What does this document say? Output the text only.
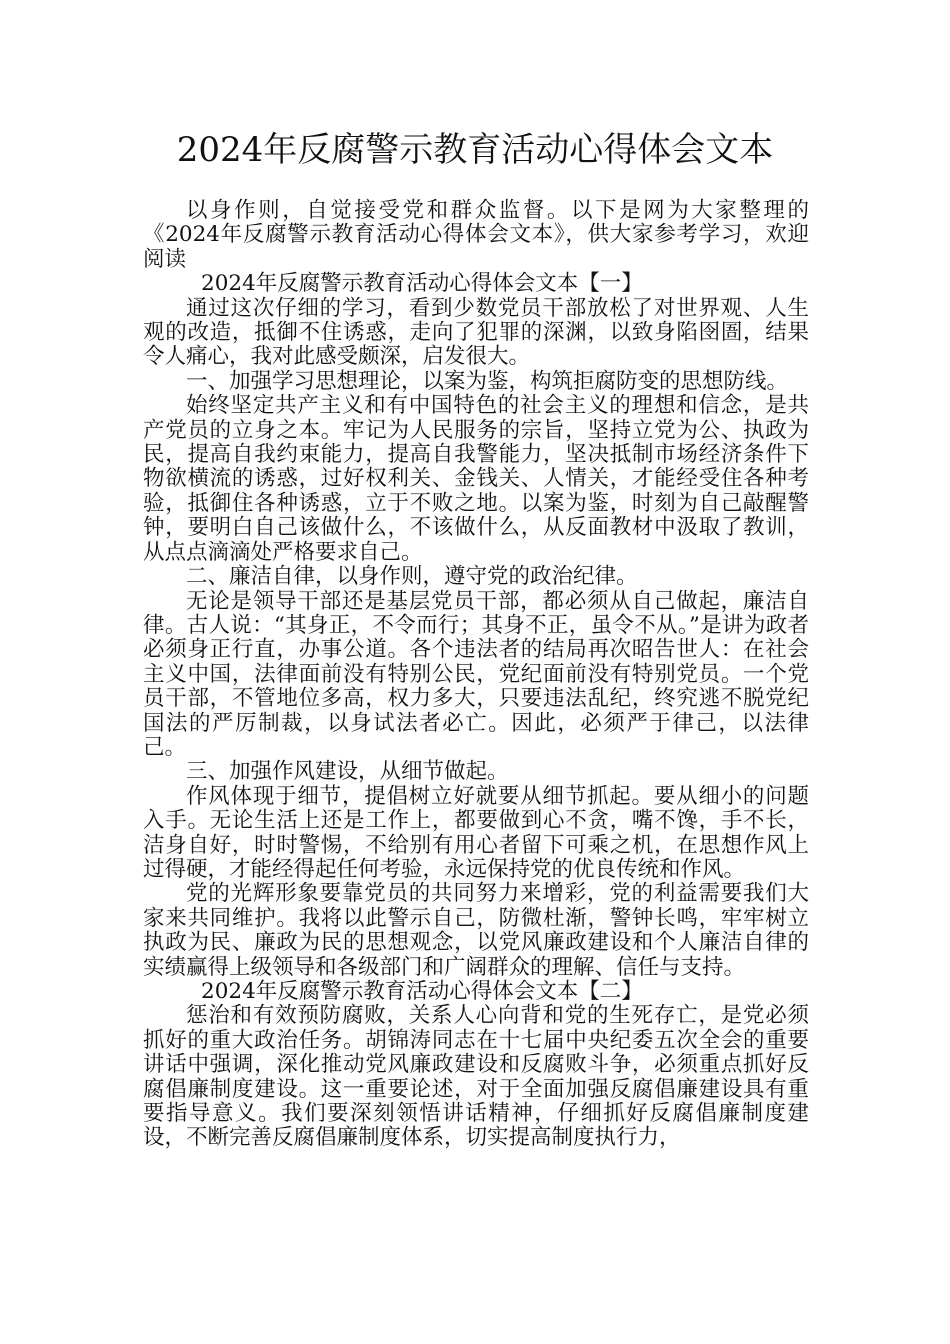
2024年反腐警示教育活动心得体会文本

以身作则，自觉接受党和群众监督。以下是网为大家整理的《2024年反腐警示教育活动心得体会文本》，供大家参考学习，欢迎阅读

2024年反腐警示教育活动心得体会文本【一】

通过这次仔细的学习，看到少数党员干部放松了对世界观、人生观的改造，抵御不住诱惑，走向了犯罪的深渊，以致身陷囹圄，结果令人痛心，我对此感受颇深，启发很大。

一、加强学习思想理论，以案为鉴，构筑拒腐防变的思想防线。

始终坚定共产主义和有中国特色的社会主义的理想和信念，是共产党员的立身之本。牢记为人民服务的宗旨，坚持立党为公、执政为民，提高自我约束能力，提高自我警能力，坚决抵制市场经济条件下物欲横流的诱惑，过好权利关、金钱关、人情关，才能经受住各种考验，抵御住各种诱惑，立于不败之地。以案为鉴，时刻为自己敲醒警钟，要明白自己该做什么，不该做什么，从反面教材中汲取了教训，从点点滴滴处严格要求自己。

二、廉洁自律，以身作则，遵守党的政治纪律。

无论是领导干部还是基层党员干部，都必须从自己做起，廉洁自律。古人说：“其身正，不令而行；其身不正，虽令不从。”是讲为政者必须身正行直，办事公道。各个违法者的结局再次昭告世人：在社会主义中国，法律面前没有特别公民，党纪面前没有特别党员。一个党员干部，不管地位多高，权力多大，只要违法乱纪，终究逃不脱党纪国法的严厉制裁，以身试法者必亡。因此，必须严于律己，以法律己。

三、加强作风建设，从细节做起。

作风体现于细节，提倡树立好就要从细节抓起。要从细小的问题入手。无论生活上还是工作上，都要做到心不贪，嘴不馋，手不长，洁身自好，时时警惕，不给别有用心者留下可乘之机，在思想作风上过得硬，才能经得起任何考验，永远保持党的优良传统和作风。

党的光辉形象要靠党员的共同努力来增彩，党的利益需要我们大家来共同维护。我将以此警示自己，防微杜渐，警钟长鸣，牢牢树立执政为民、廉政为民的思想观念，以党风廉政建设和个人廉洁自律的实绩赢得上级领导和各级部门和广阔群众的理解、信任与支持。

2024年反腐警示教育活动心得体会文本【二】

惩治和有效预防腐败，关系人心向背和党的生死存亡，是党必须抓好的重大政治任务。胡锦涛同志在十七届中央纪委五次全会的重要讲话中强调，深化推动党风廉政建设和反腐败斗争，必须重点抓好反腐倡廉制度建设。这一重要论述，对于全面加强反腐倡廉建设具有重要指导意义。我们要深刻领悟讲话精神，仔细抓好反腐倡廉制度建设，不断完善反腐倡廉制度体系，切实提高制度执行力，
